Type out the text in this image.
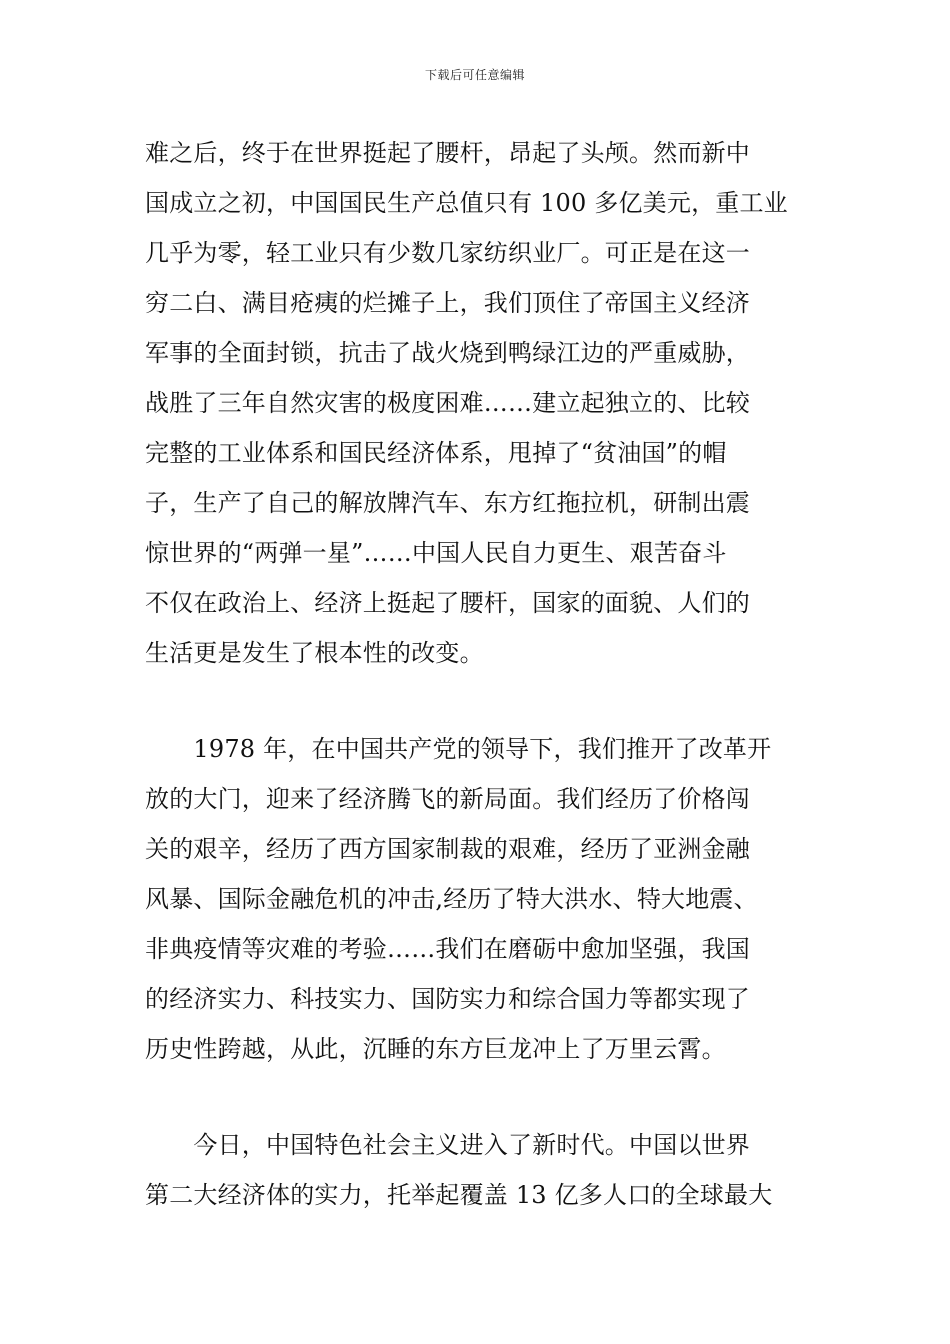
下载后可任意编辑
难之后，终于在世界挺起了腰杆，昂起了头颅。然而新中
国成立之初，中国国民生产总值只有 100 多亿美元，重工业
几乎为零，轻工业只有少数几家纺织业厂。可正是在这一
穷二白、满目疮痍的烂摊子上，我们顶住了帝国主义经济
军事的全面封锁，抗击了战火烧到鸭绿江边的严重威胁，
战胜了三年自然灾害的极度困难……建立起独立的、比较
完整的工业体系和国民经济体系，甩掉了“贫油国”的帽
子，生产了自己的解放牌汽车、东方红拖拉机，研制出震
惊世界的“两弹一星”……中国人民自力更生、艰苦奋斗
不仅在政治上、经济上挺起了腰杆，国家的面貌、人们的
生活更是发生了根本性的改变。
　　1978 年，在中国共产党的领导下，我们推开了改革开
放的大门，迎来了经济腾飞的新局面。我们经历了价格闯
关的艰辛，经历了西方国家制裁的艰难，经历了亚洲金融
风暴、国际金融危机的冲击,经历了特大洪水、特大地震、
非典疫情等灾难的考验……我们在磨砺中愈加坚强，我国
的经济实力、科技实力、国防实力和综合国力等都实现了
历史性跨越，从此，沉睡的东方巨龙冲上了万里云霄。
　　今日，中国特色社会主义进入了新时代。中国以世界
第二大经济体的实力，托举起覆盖 13 亿多人口的全球最大
